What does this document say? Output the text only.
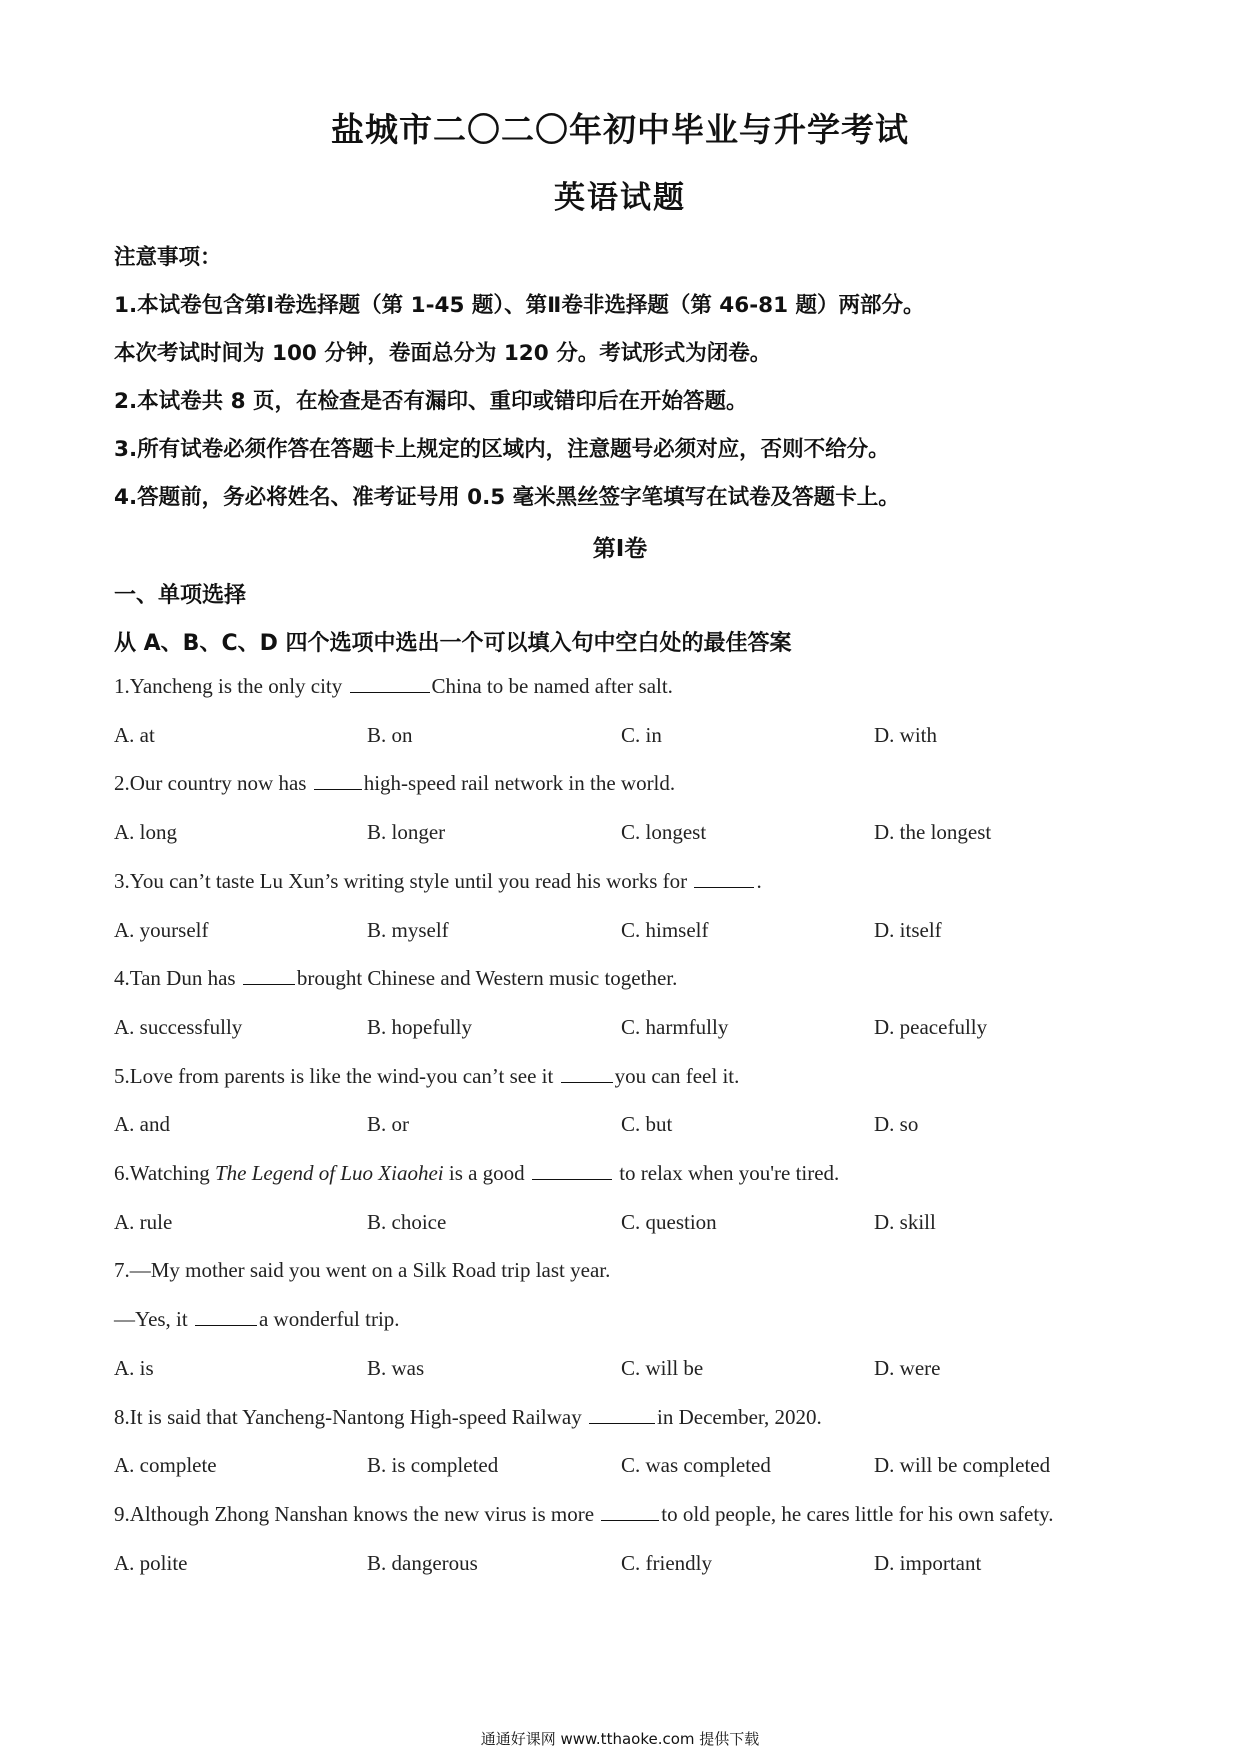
盐城市二〇二〇年初中毕业与升学考试
英语试题
注意事项：
1.本试卷包含第Ⅰ卷选择题（第 1-45 题）、第Ⅱ卷非选择题（第 46-81 题）两部分。
本次考试时间为 100 分钟，卷面总分为 120 分。考试形式为闭卷。
2.本试卷共 8 页，在检查是否有漏印、重印或错印后在开始答题。
3.所有试卷必须作答在答题卡上规定的区域内，注意题号必须对应，否则不给分。
4.答题前，务必将姓名、准考证号用 0.5 毫米黑丝签字笔填写在试卷及答题卡上。
第Ⅰ卷
一、单项选择
从 A、B、C、D 四个选项中选出一个可以填入句中空白处的最佳答案
1.Yancheng is the only city	China to be named after salt.
A. at	B. on	C. in	D. with
2.Our country now has high-speed rail network in the world.
A. long	B. longer	C. longest	D. the longest
3.You can’t taste Lu Xun’s writing style until you read his works for	.
A. yourself	B. myself	C. himself	D. itself
4.Tan Dun has	brought Chinese and Western music together.
A. successfully	B. hopefully	C. harmfully	D. peacefully
5.Love from parents is like the wind-you can’t see it	you can feel it.
A. and	B. or	C. but	D. so
6.Watching The Legend of Luo Xiaohei is a good	to relax when you're tired.
A. rule	B. choice	C. question	D. skill
7.—My mother said you went on a Silk Road trip last year.
—Yes, it	a wonderful trip.
A. is	B. was	C. will be	D. were
8.It is said that Yancheng-Nantong High-speed Railway	in December, 2020.
A. complete	B. is completed	C. was completed	D. will be completed
9.Although Zhong Nanshan knows the new virus is more	to old people, he cares little for his own safety.
A. polite	B. dangerous	C. friendly	D. important
通通好课网 www.tthaoke.com 提供下载
